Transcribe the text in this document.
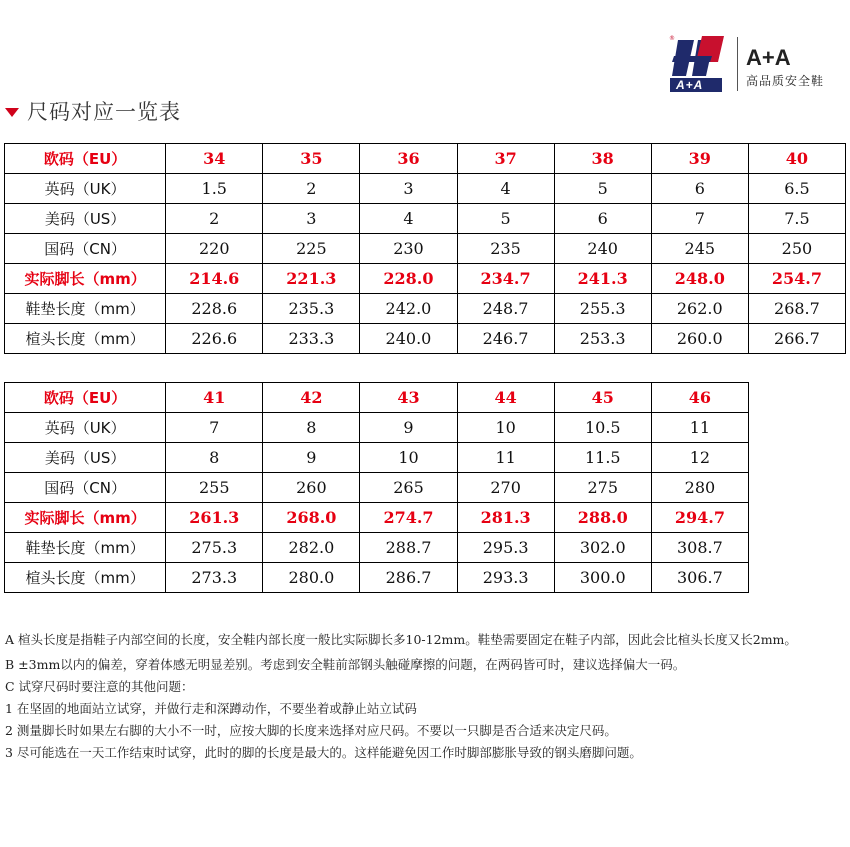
尺码对应一览表
®
A+A
A+A
高品质安全鞋
欧码（EU）	34	35	36	37	38	39	40
英码（UK）	1.5	2	3	4	5	6	6.5
美码（US）	2	3	4	5	6	7	7.5
国码（CN）	220	225	230	235	240	245	250
实际脚长（mm）	214.6	221.3	228.0	234.7	241.3	248.0	254.7
鞋垫长度（mm）	228.6	235.3	242.0	248.7	255.3	262.0	268.7
楦头长度（mm）	226.6	233.3	240.0	246.7	253.3	260.0	266.7
欧码（EU）	41	42	43	44	45	46
英码（UK）	7	8	9	10	10.5	11
美码（US）	8	9	10	11	11.5	12
国码（CN）	255	260	265	270	275	280
实际脚长（mm）	261.3	268.0	274.7	281.3	288.0	294.7
鞋垫长度（mm）	275.3	282.0	288.7	295.3	302.0	308.7
楦头长度（mm）	273.3	280.0	286.7	293.3	300.0	306.7
A 楦头长度是指鞋子内部空间的长度，安全鞋内部长度一般比实际脚长多10-12mm。鞋垫需要固定在鞋子内部，因此会比楦头长度又长2mm。
B ±3mm以内的偏差，穿着体感无明显差别。考虑到安全鞋前部钢头触碰摩擦的问题，在两码皆可时，建议选择偏大一码。
C 试穿尺码时要注意的其他问题：
1 在坚固的地面站立试穿，并做行走和深蹲动作，不要坐着或静止站立试码
2 测量脚长时如果左右脚的大小不一时，应按大脚的长度来选择对应尺码。不要以一只脚是否合适来决定尺码。
3 尽可能选在一天工作结束时试穿，此时的脚的长度是最大的。这样能避免因工作时脚部膨胀导致的钢头磨脚问题。
